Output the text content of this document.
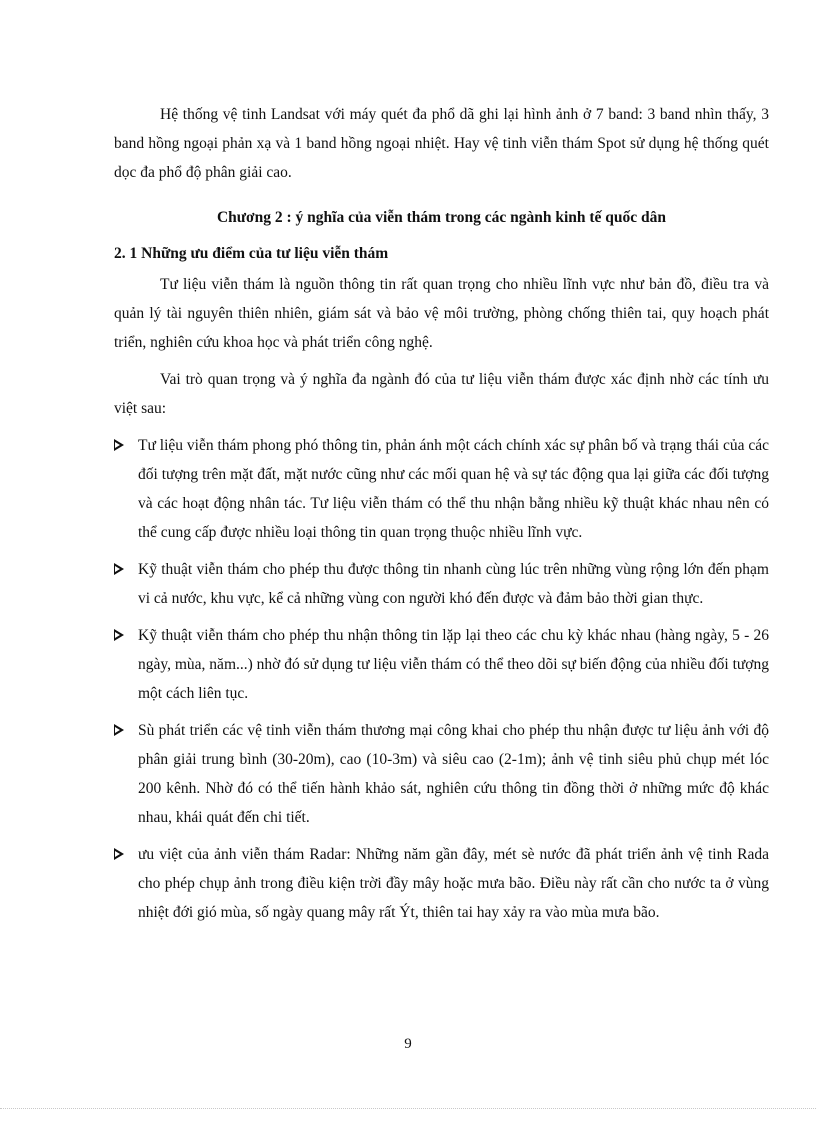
Hệ thống vệ tinh Landsat với máy quét đa phổ dã ghi lại hình ảnh ở 7 band: 3 band nhìn thấy, 3 band hồng ngoại phản xạ và 1 band hồng ngoại nhiệt. Hay vệ tinh viễn thám Spot sử dụng hệ thống quét dọc đa phổ độ phân giải cao.

Chương 2 : ý nghĩa của viễn thám trong các ngành kinh tế quốc dân

2. 1 Những ưu điểm của tư liệu viễn thám

Tư liệu viễn thám là nguồn thông tin rất quan trọng cho nhiều lĩnh vực như bản đồ, điều tra và quản lý tài nguyên thiên nhiên, giám sát và bảo vệ môi trường, phòng chống thiên tai, quy hoạch phát triển, nghiên cứu khoa học và phát triển công nghệ.

Vai trò quan trọng và ý nghĩa đa ngành đó của tư liệu viễn thám được xác định nhờ các tính ưu việt sau:

Tư liệu viễn thám phong phó thông tin, phản ánh một cách chính xác sự phân bố và trạng thái của các đối tượng trên mặt đất, mặt nước cũng như các mối quan hệ và sự tác động qua lại giữa các đối tượng và các hoạt động nhân tác. Tư liệu viễn thám có thể thu nhận bằng nhiều kỹ thuật khác nhau nên có thể cung cấp được nhiều loại thông tin quan trọng thuộc nhiều lĩnh vực.
Kỹ thuật viễn thám cho phép thu được thông tin nhanh cùng lúc trên những vùng rộng lớn đến phạm vi cả nước, khu vực, kể cả những vùng con người khó đến được và đảm bảo thời gian thực.
Kỹ thuật viễn thám cho phép thu nhận thông tin lặp lại theo các chu kỳ khác nhau (hàng ngày, 5 - 26 ngày, mùa, năm...) nhờ đó sử dụng tư liệu viễn thám có thể theo dõi sự biến động của nhiều đối tượng một cách liên tục.
Sù phát triển các vệ tinh viễn thám thương mại công khai cho phép thu nhận được tư liệu ảnh với độ phân giải trung bình (30-20m), cao (10-3m) và siêu cao (2-1m); ảnh vệ tinh siêu phủ chụp mét lóc 200 kênh. Nhờ đó có thể tiến hành khảo sát, nghiên cứu thông tin đồng thời ở những mức độ khác nhau, khái quát đến chi tiết.
ưu việt của ảnh viễn thám Radar: Những năm gần đây, mét sè nước đã phát triển ảnh vệ tinh Rada cho phép chụp ảnh trong điều kiện trời đầy mây hoặc mưa bão. Điều này rất cần cho nước ta ở vùng nhiệt đới gió mùa, số ngày quang mây rất Ýt, thiên tai hay xảy ra vào mùa mưa bão.
9
